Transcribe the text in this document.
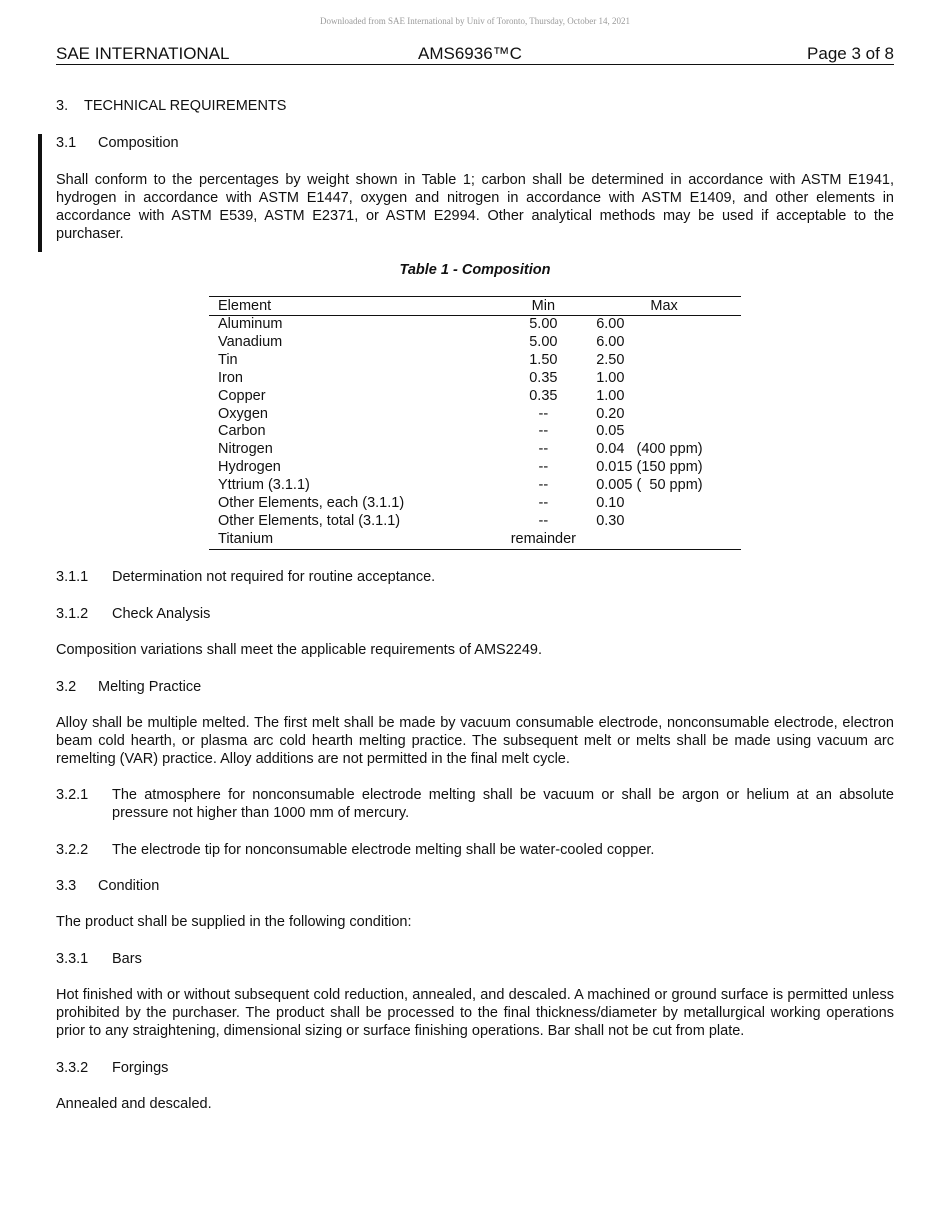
Downloaded from SAE International by Univ of Toronto, Thursday, October 14, 2021
SAE INTERNATIONAL	AMS6936™C	Page 3 of 8
3. TECHNICAL REQUIREMENTS
3.1 Composition
Shall conform to the percentages by weight shown in Table 1; carbon shall be determined in accordance with ASTM E1941, hydrogen in accordance with ASTM E1447, oxygen and nitrogen in accordance with ASTM E1409, and other elements in accordance with ASTM E539, ASTM E2371, or ASTM E2994. Other analytical methods may be used if acceptable to the purchaser.
Table 1 - Composition
Element	Min	Max
Aluminum	5.00	6.00
Vanadium	5.00	6.00
Tin	1.50	2.50
Iron	0.35	1.00
Copper	0.35	1.00
Oxygen	--	0.20
Carbon	--	0.05
Nitrogen	--	0.04   (400 ppm)
Hydrogen	--	0.015 (150 ppm)
Yttrium (3.1.1)	--	0.005 (  50 ppm)
Other Elements, each (3.1.1)	--	0.10
Other Elements, total (3.1.1)	--	0.30
Titanium	remainder	
3.1.1 Determination not required for routine acceptance.
3.1.2 Check Analysis
Composition variations shall meet the applicable requirements of AMS2249.
3.2 Melting Practice
Alloy shall be multiple melted. The first melt shall be made by vacuum consumable electrode, nonconsumable electrode, electron beam cold hearth, or plasma arc cold hearth melting practice. The subsequent melt or melts shall be made using vacuum arc remelting (VAR) practice. Alloy additions are not permitted in the final melt cycle.
3.2.1 The atmosphere for nonconsumable electrode melting shall be vacuum or shall be argon or helium at an absolute pressure not higher than 1000 mm of mercury.
3.2.2 The electrode tip for nonconsumable electrode melting shall be water-cooled copper.
3.3 Condition
The product shall be supplied in the following condition:
3.3.1 Bars
Hot finished with or without subsequent cold reduction, annealed, and descaled. A machined or ground surface is permitted unless prohibited by the purchaser. The product shall be processed to the final thickness/diameter by metallurgical working operations prior to any straightening, dimensional sizing or surface finishing operations. Bar shall not be cut from plate.
3.3.2 Forgings
Annealed and descaled.
